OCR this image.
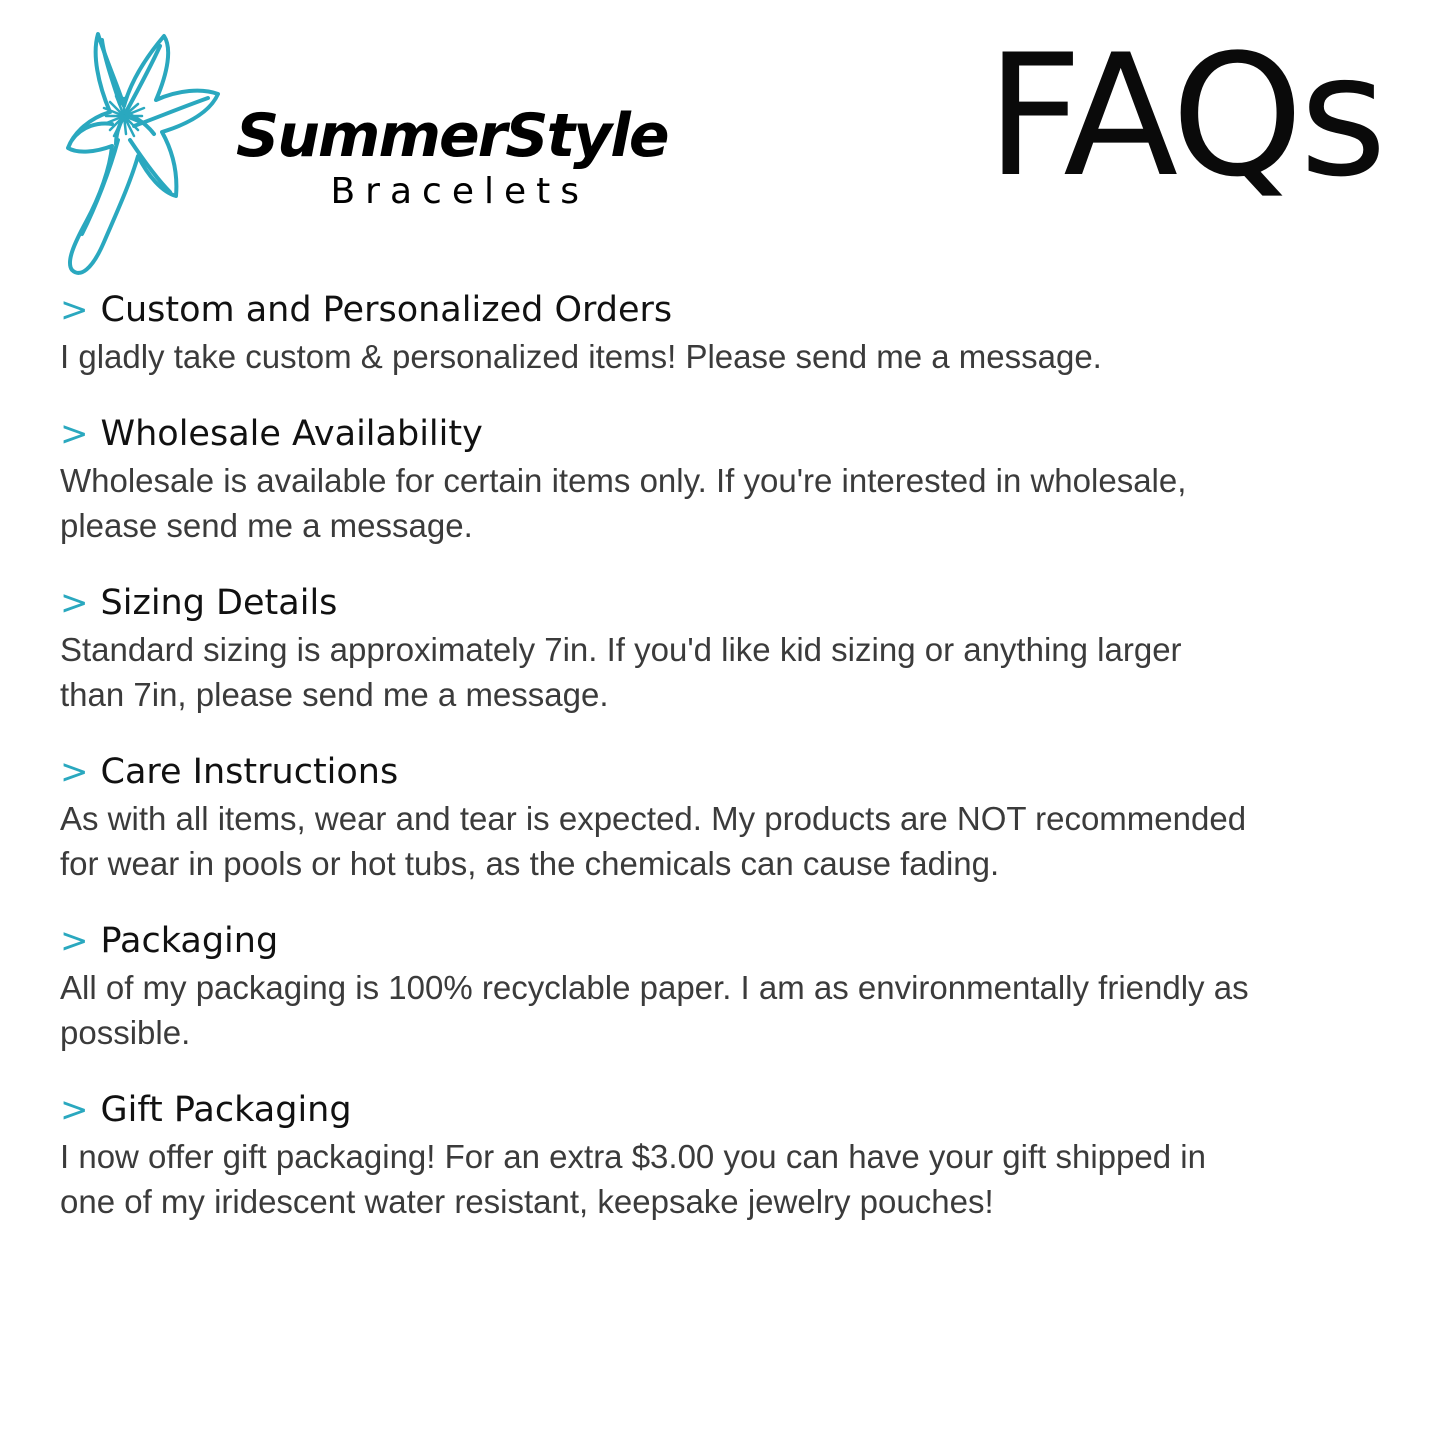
SummerStyle
Bracelets	FAQs
> Custom and Personalized Orders
I gladly take custom & personalized items! Please send me a message.
> Wholesale Availability
Wholesale is available for certain items only. If you're interested in wholesale, please send me a message.
> Sizing Details
Standard sizing is approximately 7in. If you'd like kid sizing or anything larger than 7in, please send me a message.
> Care Instructions
As with all items, wear and tear is expected. My products are NOT recommended for wear in pools or hot tubs, as the chemicals can cause fading.
> Packaging
All of my packaging is 100% recyclable paper. I am as environmentally friendly as possible.
> Gift Packaging
I now offer gift packaging! For an extra $3.00 you can have your gift shipped in one of my iridescent water resistant, keepsake jewelry pouches!
